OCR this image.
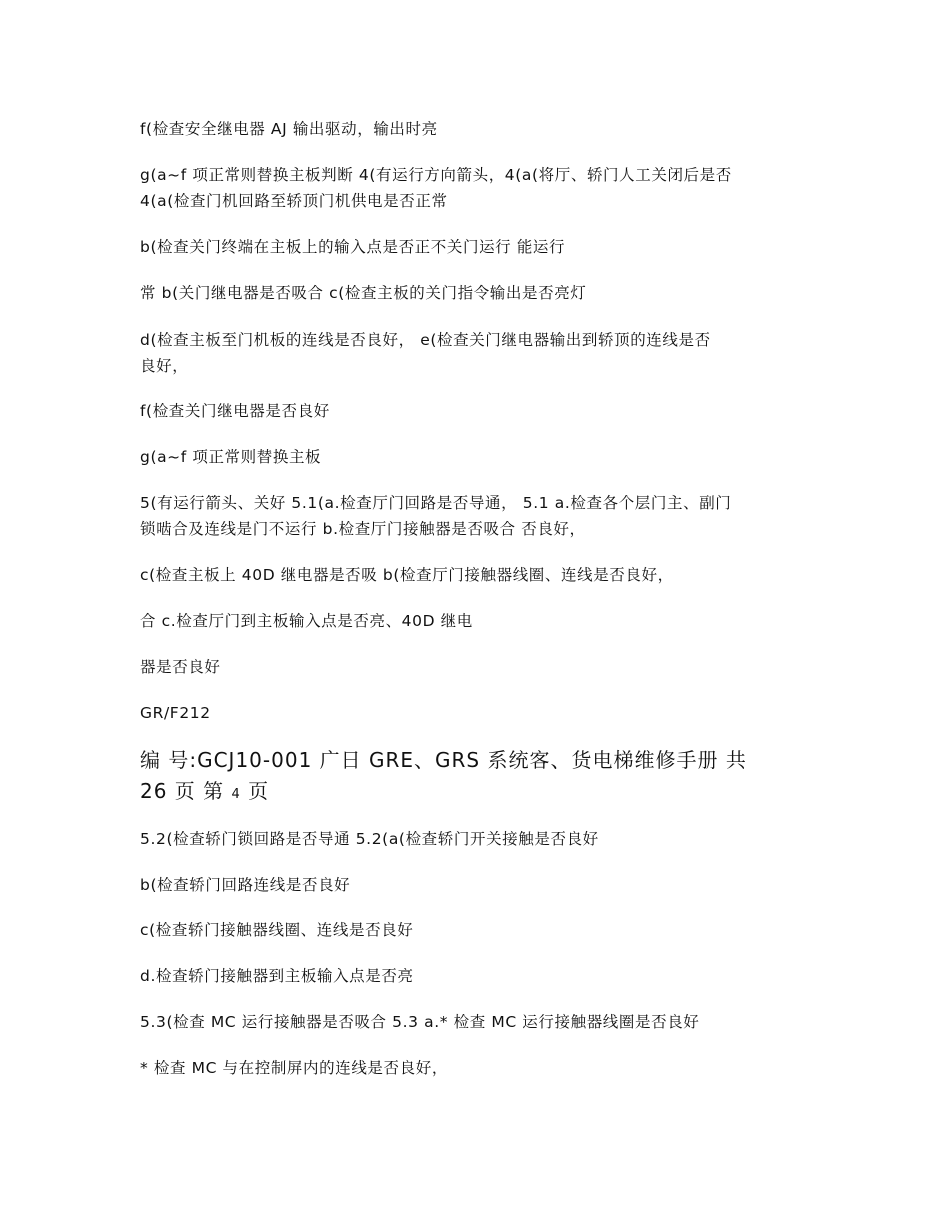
f(检查安全继电器 AJ 输出驱动，输出时亮
g(a~f 项正常则替换主板判断 4(有运行方向箭头，4(a(将厅、轿门人工关闭后是否
4(a(检查门机回路至轿顶门机供电是否正常
b(检查关门终端在主板上的输入点是否正不关门运行 能运行
常 b(关门继电器是否吸合 c(检查主板的关门指令输出是否亮灯
d(检查主板至门机板的连线是否良好， e(检查关门继电器输出到轿顶的连线是否
良好，
f(检查关门继电器是否良好
g(a~f 项正常则替换主板
5(有运行箭头、关好 5.1(a.检查厅门回路是否导通， 5.1 a.检查各个层门主、副门
锁啮合及连线是门不运行 b.检查厅门接触器是否吸合 否良好，
c(检查主板上 40D 继电器是否吸 b(检查厅门接触器线圈、连线是否良好，
合 c.检查厅门到主板输入点是否亮、40D 继电
器是否良好
GR/F212
编 号:GCJ10-001 广日 GRE、GRS 系统客、货电梯维修手册 共
26 页 第 4 页
5.2(检查轿门锁回路是否导通 5.2(a(检查轿门开关接触是否良好
b(检查轿门回路连线是否良好
c(检查轿门接触器线圈、连线是否良好
d.检查轿门接触器到主板输入点是否亮
5.3(检查 MC 运行接触器是否吸合 5.3 a.* 检查 MC 运行接触器线圈是否良好
* 检查 MC 与在控制屏内的连线是否良好，
